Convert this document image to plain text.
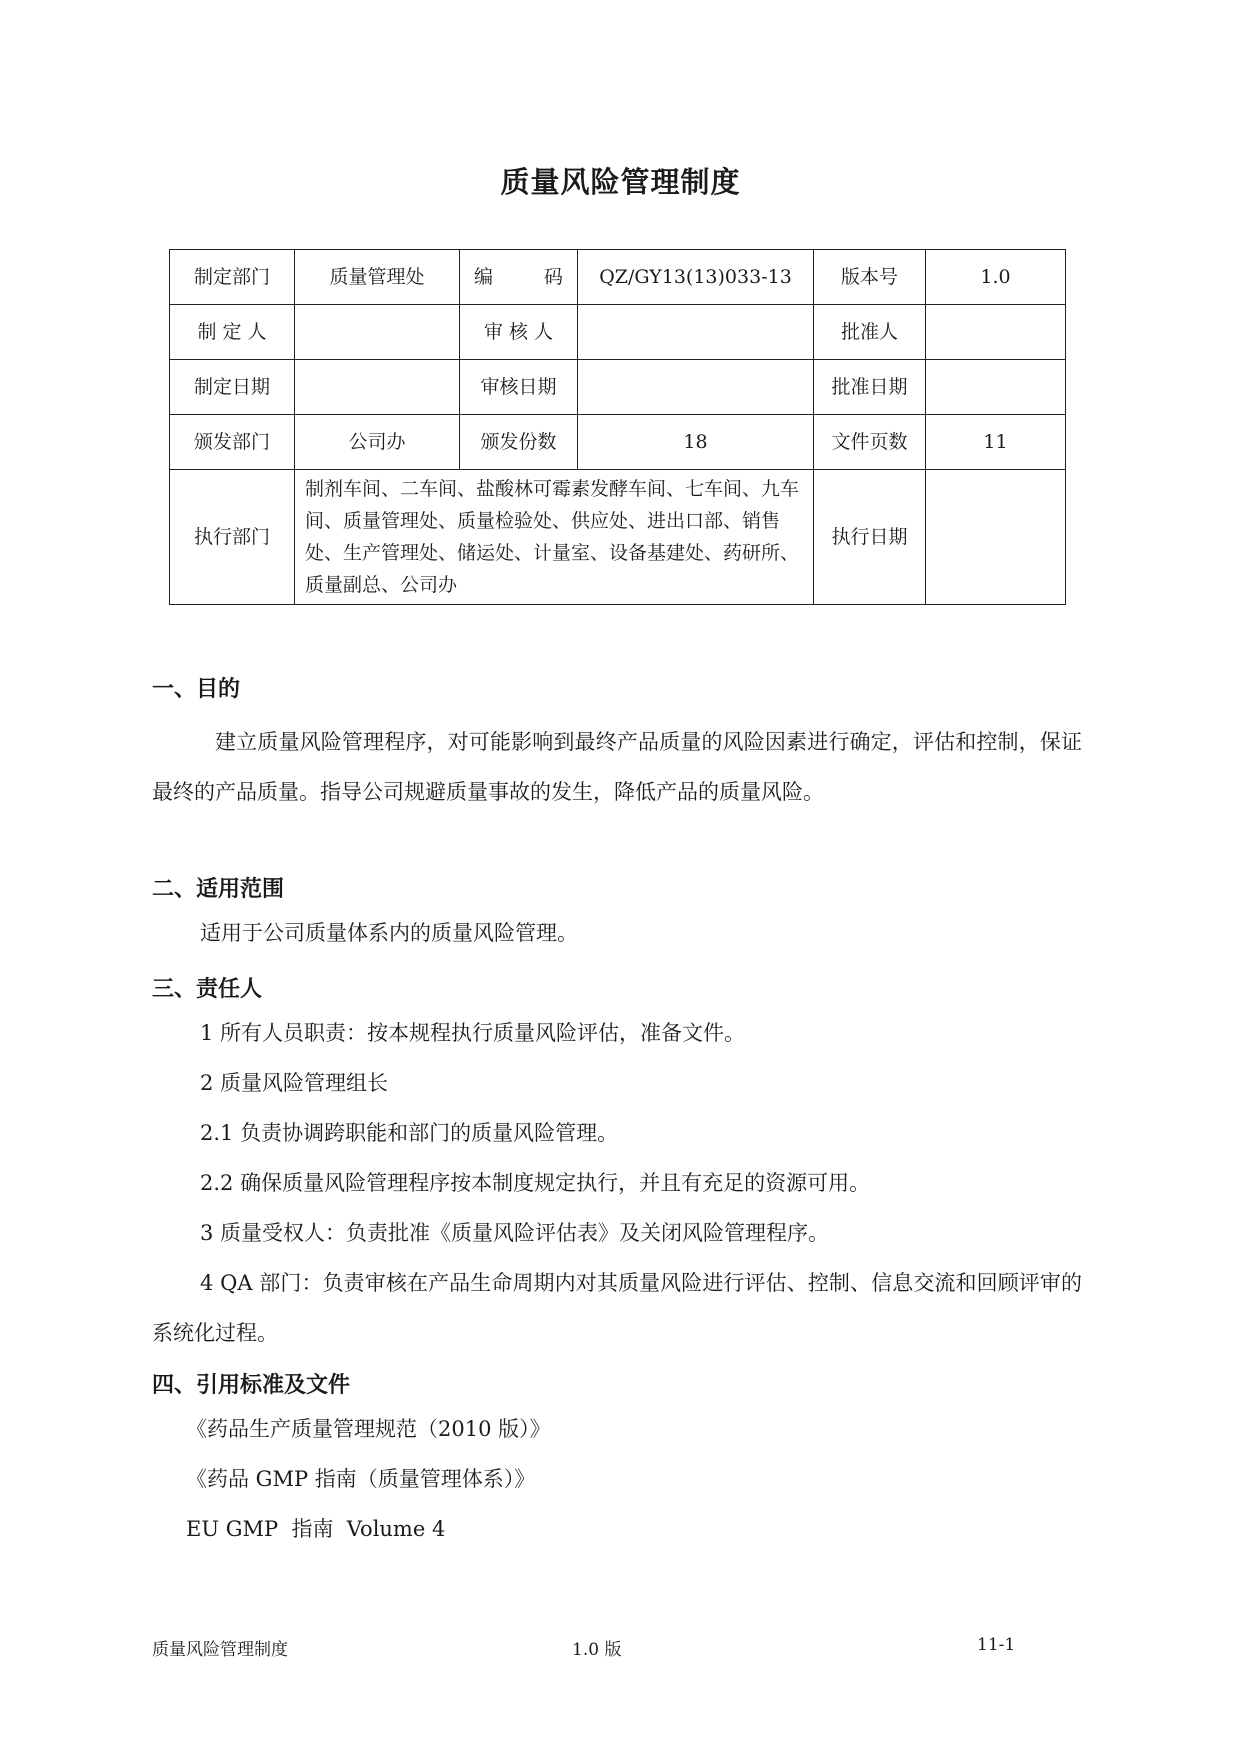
质量风险管理制度
制定部门	质量管理处	编　　码	QZ/GY13(13)033-13	版本号	1.0
制 定 人		审 核 人		批准人	
制定日期		审核日期		批准日期	
颁发部门	公司办	颁发份数	18	文件页数	11
执行部门	制剂车间、二车间、盐酸林可霉素发酵车间、七车间、九车间、质量管理处、质量检验处、供应处、进出口部、销售处、生产管理处、储运处、计量室、设备基建处、药研所、质量副总、公司办			执行日期	
一、目的
建立质量风险管理程序，对可能影响到最终产品质量的风险因素进行确定，评估和控制，保证最终的产品质量。指导公司规避质量事故的发生，降低产品的质量风险。
二、适用范围
适用于公司质量体系内的质量风险管理。
三、责任人
1 所有人员职责：按本规程执行质量风险评估，准备文件。
2 质量风险管理组长
2.1 负责协调跨职能和部门的质量风险管理。
2.2 确保质量风险管理程序按本制度规定执行，并且有充足的资源可用。
3 质量受权人：负责批准《质量风险评估表》及关闭风险管理程序。
4 QA 部门：负责审核在产品生命周期内对其质量风险进行评估、控制、信息交流和回顾评审的系统化过程。
四、引用标准及文件
《药品生产质量管理规范（2010 版）》
《药品 GMP 指南（质量管理体系）》
EU GMP  指南  Volume 4
质量风险管理制度	1.0 版	11-1
